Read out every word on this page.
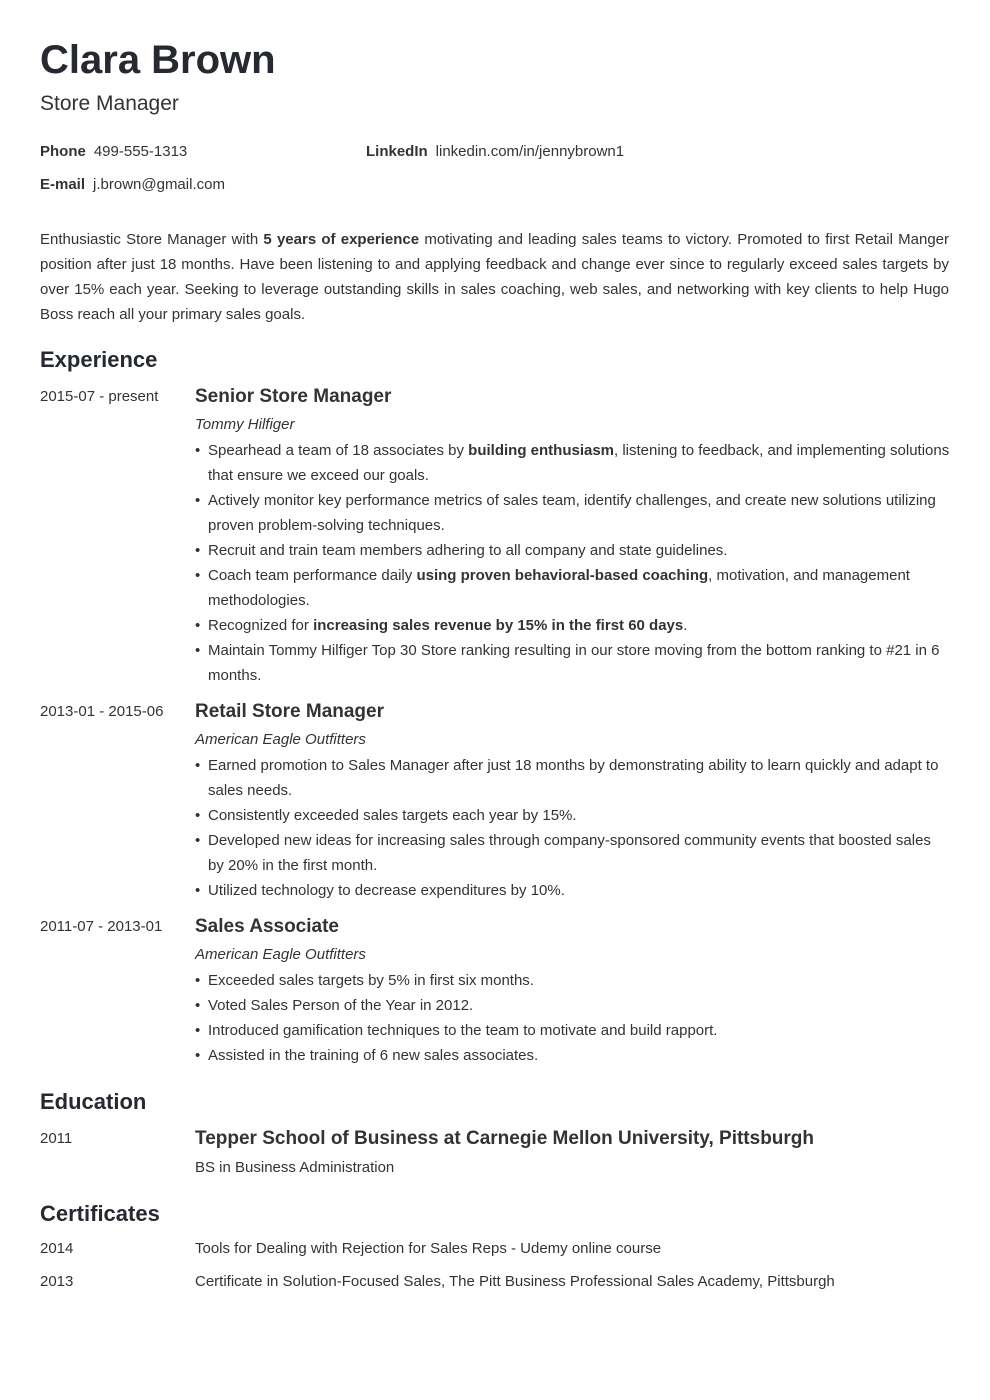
Clara Brown
Store Manager
Phone 499-555-1313	LinkedIn linkedin.com/in/jennybrown1
E-mail j.brown@gmail.com
Enthusiastic Store Manager with 5 years of experience motivating and leading sales teams to victory. Promoted to first Retail Manger position after just 18 months. Have been listening to and applying feedback and change ever since to regularly exceed sales targets by over 15% each year. Seeking to leverage outstanding skills in sales coaching, web sales, and networking with key clients to help Hugo Boss reach all your primary sales goals.
Experience
2015-07 - present Senior Store Manager
Tommy Hilfiger
• Spearhead a team of 18 associates by building enthusiasm, listening to feedback, and implementing solutions that ensure we exceed our goals.
• Actively monitor key performance metrics of sales team, identify challenges, and create new solutions utilizing proven problem-solving techniques.
• Recruit and train team members adhering to all company and state guidelines.
• Coach team performance daily using proven behavioral-based coaching, motivation, and management methodologies.
• Recognized for increasing sales revenue by 15% in the first 60 days.
• Maintain Tommy Hilfiger Top 30 Store ranking resulting in our store moving from the bottom ranking to #21 in 6 months.
2013-01 - 2015-06 Retail Store Manager
American Eagle Outfitters
• Earned promotion to Sales Manager after just 18 months by demonstrating ability to learn quickly and adapt to sales needs.
• Consistently exceeded sales targets each year by 15%.
• Developed new ideas for increasing sales through company-sponsored community events that boosted sales by 20% in the first month.
• Utilized technology to decrease expenditures by 10%.
2011-07 - 2013-01 Sales Associate
American Eagle Outfitters
• Exceeded sales targets by 5% in first six months.
• Voted Sales Person of the Year in 2012.
• Introduced gamification techniques to the team to motivate and build rapport.
• Assisted in the training of 6 new sales associates.
Education
2011	Tepper School of Business at Carnegie Mellon University, Pittsburgh
BS in Business Administration
Certificates
2014	Tools for Dealing with Rejection for Sales Reps - Udemy online course
2013	Certificate in Solution-Focused Sales, The Pitt Business Professional Sales Academy, Pittsburgh
